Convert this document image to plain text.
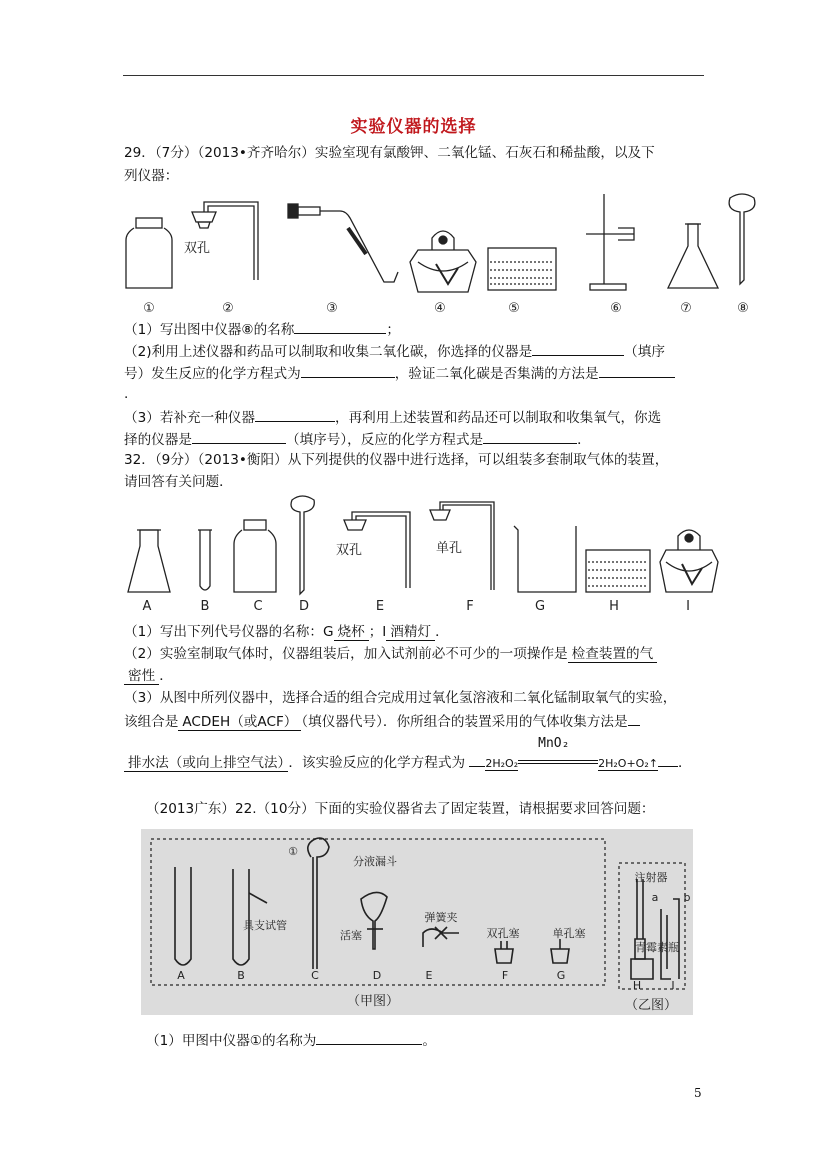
实验仪器的选择
29．（7分）（2013•齐齐哈尔）实验室现有氯酸钾、二氧化锰、石灰石和稀盐酸，以及下
列仪器：
双孔
①	②	③	④	⑤	⑥	⑦	⑧
（1）写出图中仪器⑧的名称	；
（2)利用上述仪器和药品可以制取和收集二氧化碳，你选择的仪器是	（填序
号）发生反应的化学方程式为	，验证二氧化碳是否集满的方法是
.
（3）若补充一种仪器	，再利用上述装置和药品还可以制取和收集氧气，你选
择的仪器是	（填序号），反应的化学方程式是	．
32．（9分）（2013•衡阳）从下列提供的仪器中进行选择，可以组装多套制取气体的装置，
请回答有关问题．
双孔	单孔
A	B	C	D	E	F	G	H	I
（1）写出下列代号仪器的名称：G 烧杯 ；I 酒精灯 ．
（2）实验室制取气体时，仪器组装后，加入试剂前必不可少的一项操作是 检查装置的气
密性 ．
（3）从图中所列仪器中，选择合适的组合完成用过氧化氢溶液和二氧化锰制取氧气的实验，
该组合是 ACDEH（或ACF） （填仪器代号）．你所组合的装置采用的气体收集方法是
排水法（或向上排空气法） ．该实验反应的化学方程式为 2H₂O₂
MnO₂
2H₂O+O₂↑ ．
（2013广东）22.（10分）下面的实验仪器省去了固定装置，请根据要求回答问题：
A	B	C	D	E	F	G
H	I
①
具支试管
分液漏斗
活塞
弹簧夹
双孔塞	单孔塞
注射器
青霉素瓶
a b
（甲图）	（乙图）
（1）甲图中仪器①的名称为	。
5
